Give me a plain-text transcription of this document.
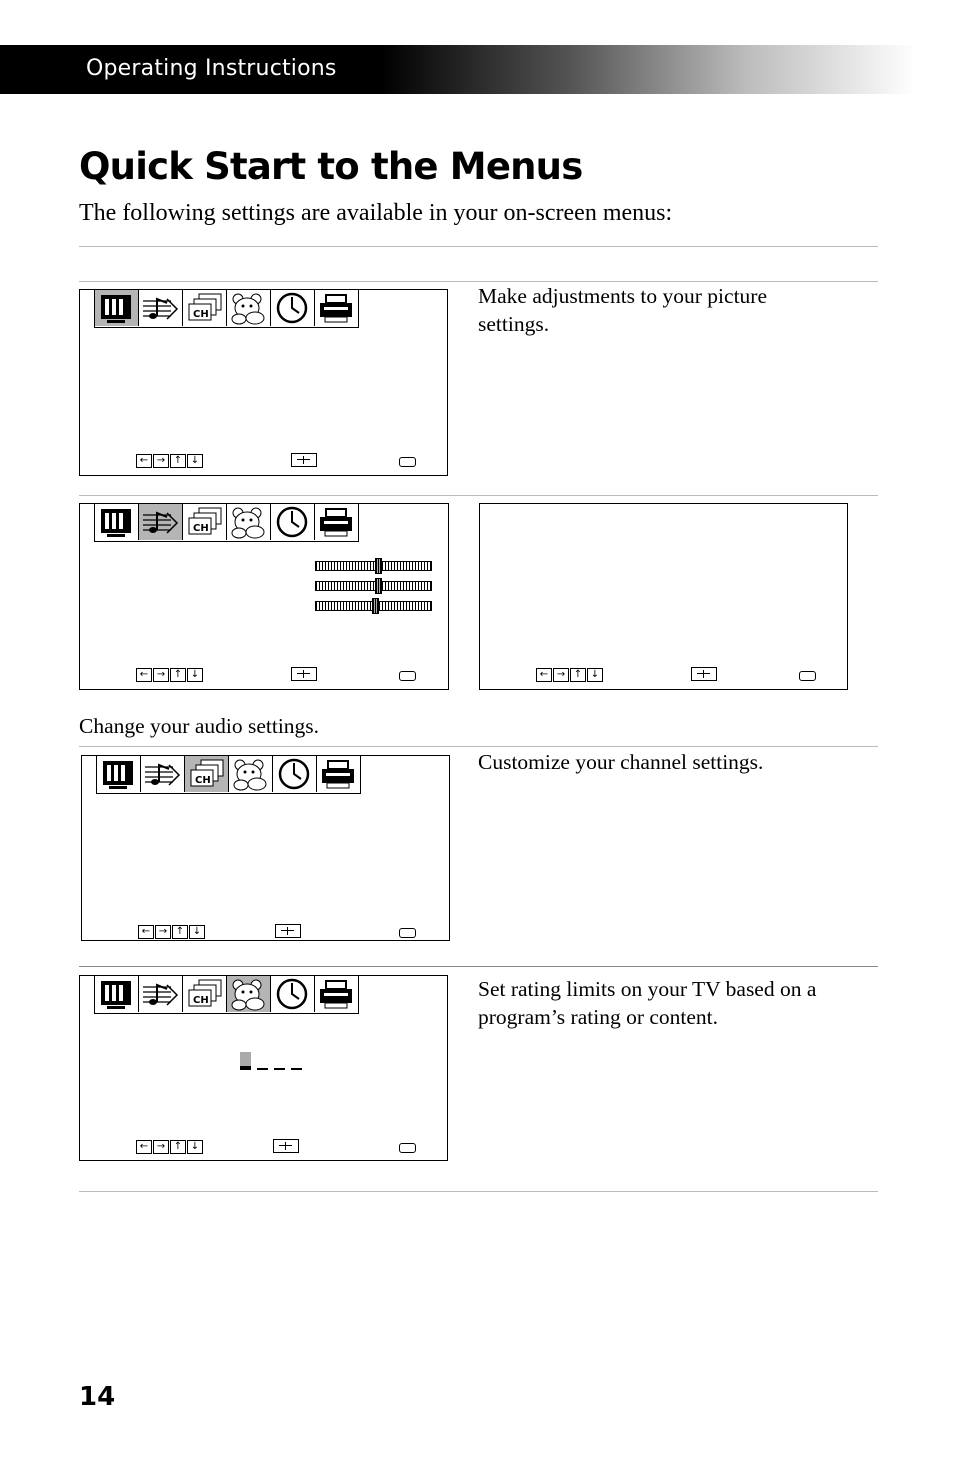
Operating Instructions
Quick Start to the Menus
The following settings are available in your on-screen menus:
CH
← → ↑ ↓
Make adjustments to your picture settings.
CH
← → ↑ ↓	← → ↑ ↓
Change your audio settings.
CH
← → ↑ ↓
Customize your channel settings.
CH
← → ↑ ↓
Set rating limits on your TV based on a program’s rating or content.
14
